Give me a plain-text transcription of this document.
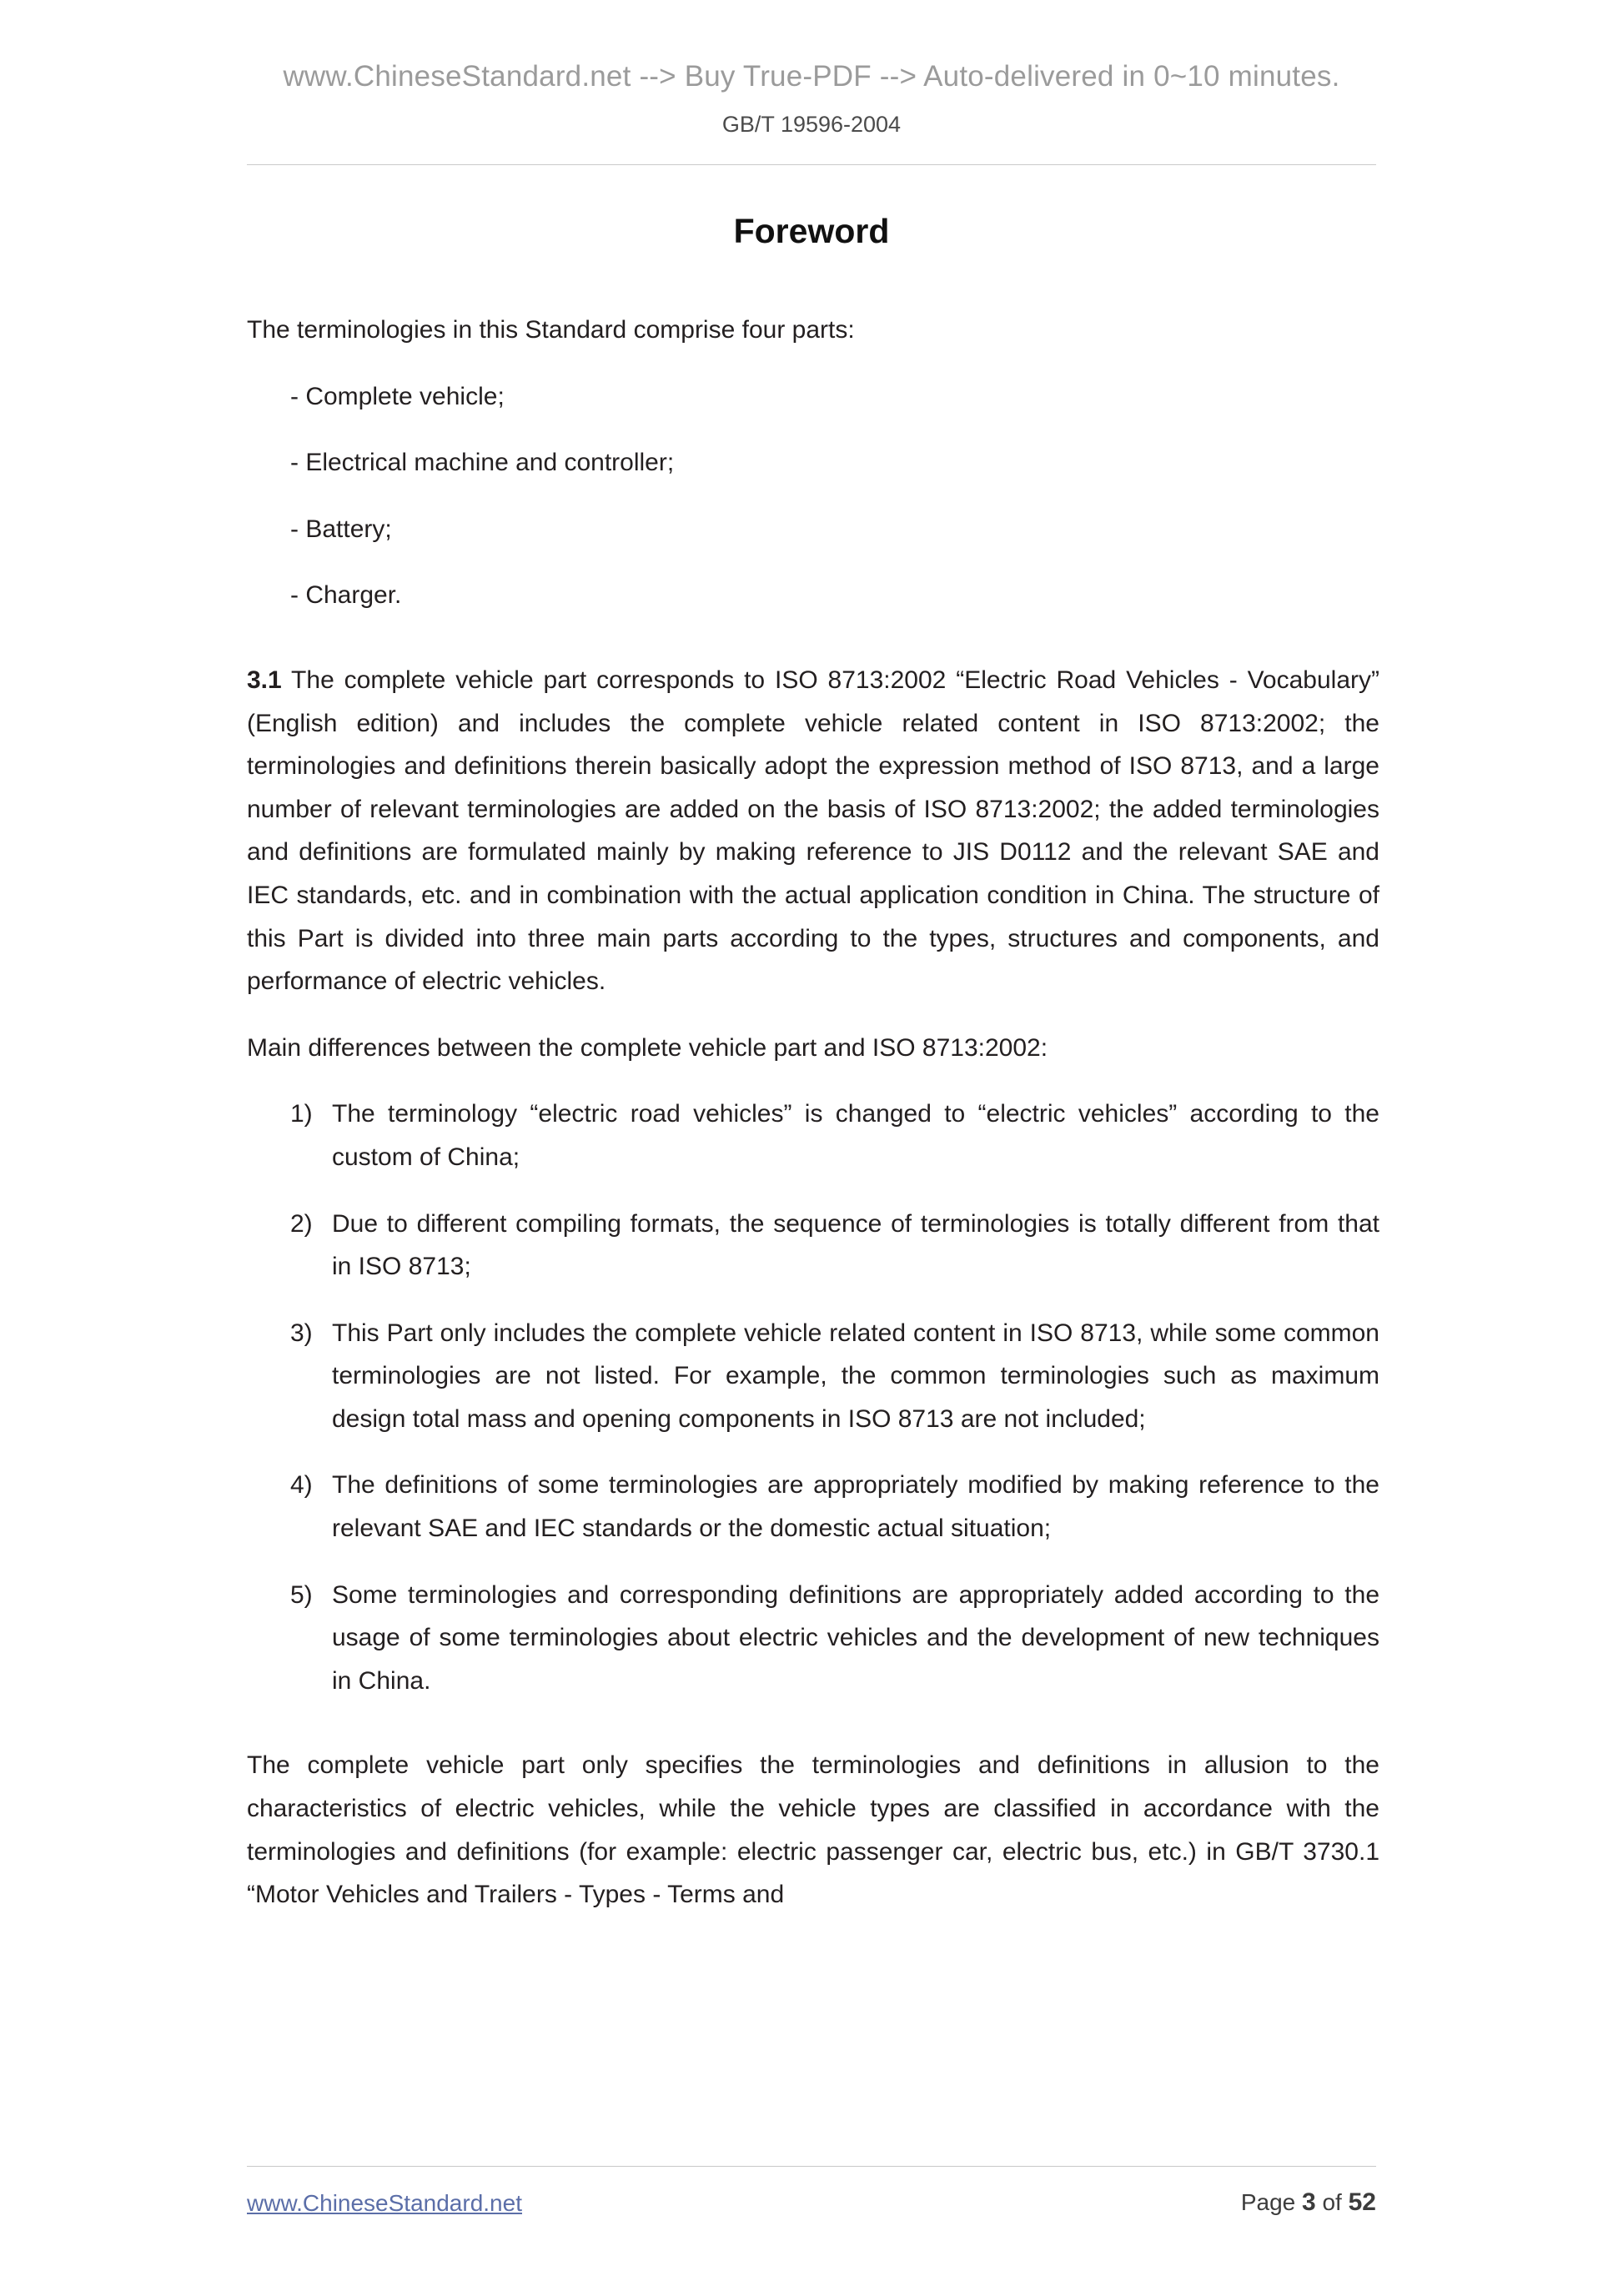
www.ChineseStandard.net --> Buy True-PDF --> Auto-delivered in 0~10 minutes.
GB/T 19596-2004
Foreword

The terminologies in this Standard comprise four parts:

- Complete vehicle;

- Electrical machine and controller;

- Battery;

- Charger.

3.1 The complete vehicle part corresponds to ISO 8713:2002 “Electric Road Vehicles - Vocabulary” (English edition) and includes the complete vehicle related content in ISO 8713:2002; the terminologies and definitions therein basically adopt the expression method of ISO 8713, and a large number of relevant terminologies are added on the basis of ISO 8713:2002; the added terminologies and definitions are formulated mainly by making reference to JIS D0112 and the relevant SAE and IEC standards, etc. and in combination with the actual application condition in China. The structure of this Part is divided into three main parts according to the types, structures and components, and performance of electric vehicles.

Main differences between the complete vehicle part and ISO 8713:2002:

1) The terminology “electric road vehicles” is changed to “electric vehicles” according to the custom of China;
2) Due to different compiling formats, the sequence of terminologies is totally different from that in ISO 8713;
3) This Part only includes the complete vehicle related content in ISO 8713, while some common terminologies are not listed. For example, the common terminologies such as maximum design total mass and opening components in ISO 8713 are not included;
4) The definitions of some terminologies are appropriately modified by making reference to the relevant SAE and IEC standards or the domestic actual situation;
5) Some terminologies and corresponding definitions are appropriately added according to the usage of some terminologies about electric vehicles and the development of new techniques in China.

The complete vehicle part only specifies the terminologies and definitions in allusion to the characteristics of electric vehicles, while the vehicle types are classified in accordance with the terminologies and definitions (for example: electric passenger car, electric bus, etc.) in GB/T 3730.1 “Motor Vehicles and Trailers - Types - Terms and

www.ChineseStandard.net	Page 3 of 52
